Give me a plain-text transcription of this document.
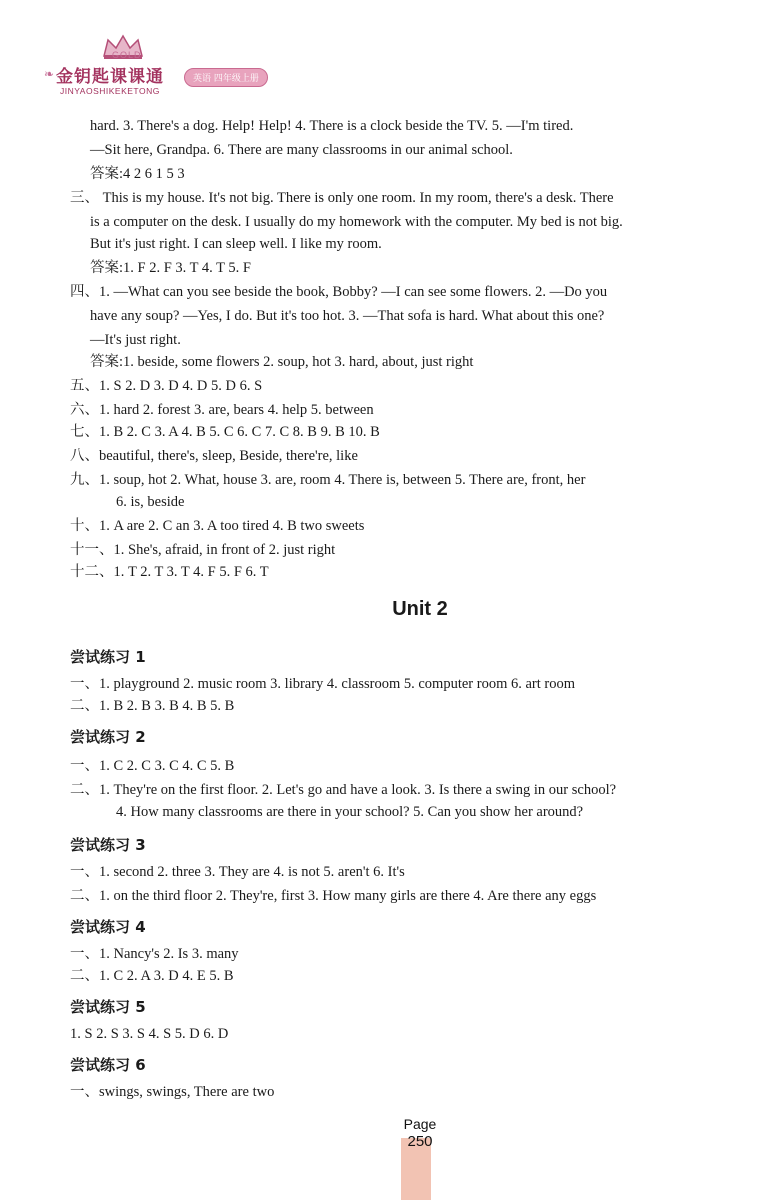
GOLD
❧ 金钥匙课课通
JINYAOSHIKEKETONG
英语 四年级上册
hard. 3. There's a dog. Help! Help! 4. There is a clock beside the TV. 5. —I'm tired.
—Sit here, Grandpa. 6. There are many classrooms in our animal school.
答案:4 2 6 1 5 3
三、 This is my house. It's not big. There is only one room. In my room, there's a desk. There
is a computer on the desk. I usually do my homework with the computer. My bed is not big.
But it's just right. I can sleep well. I like my room.
答案:1. F 2. F 3. T 4. T 5. F
四、1. —What can you see beside the book, Bobby? —I can see some flowers. 2. —Do you
have any soup? —Yes, I do. But it's too hot. 3. —That sofa is hard. What about this one?
—It's just right.
答案:1. beside, some flowers 2. soup, hot 3. hard, about, just right
五、1. S 2. D 3. D 4. D 5. D 6. S
六、1. hard 2. forest 3. are, bears 4. help 5. between
七、1. B 2. C 3. A 4. B 5. C 6. C 7. C 8. B 9. B 10. B
八、beautiful, there's, sleep, Beside, there're, like
九、1. soup, hot 2. What, house 3. are, room 4. There is, between 5. There are, front, her
6. is, beside
十、1. A are 2. C an 3. A too tired 4. B two sweets
十一、1. She's, afraid, in front of 2. just right
十二、1. T 2. T 3. T 4. F 5. F 6. T
Unit 2
尝试练习 1
一、1. playground 2. music room 3. library 4. classroom 5. computer room 6. art room
二、1. B 2. B 3. B 4. B 5. B
尝试练习 2
一、1. C 2. C 3. C 4. C 5. B
二、1. They're on the first floor. 2. Let's go and have a look. 3. Is there a swing in our school?
4. How many classrooms are there in your school? 5. Can you show her around?
尝试练习 3
一、1. second 2. three 3. They are 4. is not 5. aren't 6. It's
二、1. on the third floor 2. They're, first 3. How many girls are there 4. Are there any eggs
尝试练习 4
一、1. Nancy's 2. Is 3. many
二、1. C 2. A 3. D 4. E 5. B
尝试练习 5
1. S 2. S 3. S 4. S 5. D 6. D
尝试练习 6
一、swings, swings, There are two
Page
250
